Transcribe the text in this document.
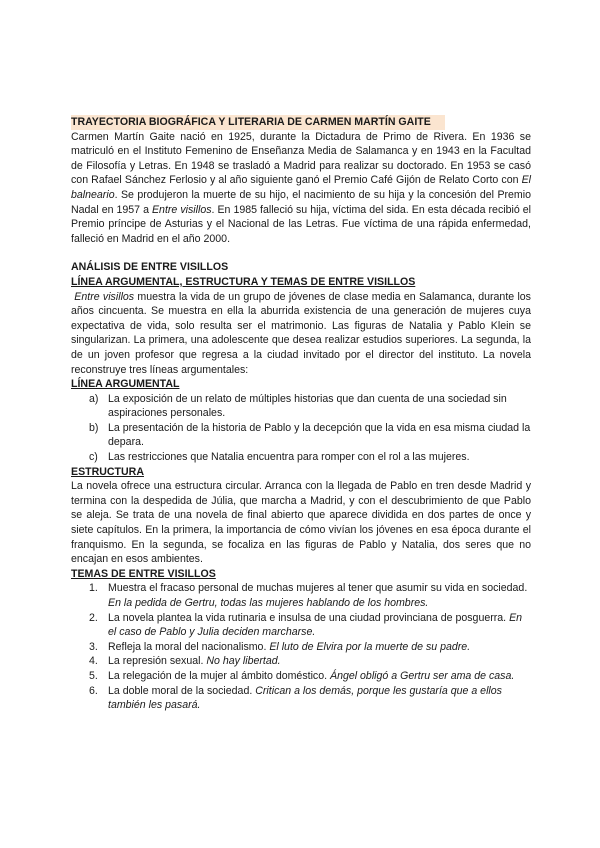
TRAYECTORIA BIOGRÁFICA Y LITERARIA DE CARMEN MARTÍN GAITE

Carmen Martín Gaite nació en 1925, durante la Dictadura de Primo de Rivera. En 1936 se matriculó en el Instituto Femenino de Enseñanza Media de Salamanca y en 1943 en la Facultad de Filosofía y Letras. En 1948 se trasladó a Madrid para realizar su doctorado. En 1953 se casó con Rafael Sánchez Ferlosio y al año siguiente ganó el Premio Café Gijón de Relato Corto con El balneario. Se produjeron la muerte de su hijo, el nacimiento de su hija y la concesión del Premio Nadal en 1957 a Entre visillos. En 1985 falleció su hija, víctima del sida. En esta década recibió el Premio príncipe de Asturias y el Nacional de las Letras. Fue víctima de una rápida enfermedad, falleció en Madrid en el año 2000.

ANÁLISIS DE ENTRE VISILLOS
LÍNEA ARGUMENTAL, ESTRUCTURA Y TEMAS DE ENTRE VISILLOS

Entre visillos muestra la vida de un grupo de jóvenes de clase media en Salamanca, durante los años cincuenta. Se muestra en ella la aburrida existencia de una generación de mujeres cuya expectativa de vida, solo resulta ser el matrimonio. Las figuras de Natalia y Pablo Klein se singularizan. La primera, una adolescente que desea realizar estudios superiores. La segunda, la de un joven profesor que regresa a la ciudad invitado por el director del instituto. La novela reconstruye tres líneas argumentales:

LÍNEA ARGUMENTAL
a) La exposición de un relato de múltiples historias que dan cuenta de una sociedad sin aspiraciones personales.
b) La presentación de la historia de Pablo y la decepción que la vida en esa misma ciudad la depara.
c) Las restricciones que Natalia encuentra para romper con el rol a las mujeres.
ESTRUCTURA

La novela ofrece una estructura circular. Arranca con la llegada de Pablo en tren desde Madrid y termina con la despedida de Júlia, que marcha a Madrid, y con el descubrimiento de que Pablo se aleja. Se trata de una novela de final abierto que aparece dividida en dos partes de once y siete capítulos. En la primera, la importancia de cómo vivían los jóvenes en esa época durante el franquismo. En la segunda, se focaliza en las figuras de Pablo y Natalia, dos seres que no encajan en esos ambientes.

TEMAS DE ENTRE VISILLOS
1. Muestra el fracaso personal de muchas mujeres al tener que asumir su vida en sociedad. En la pedida de Gertru, todas las mujeres hablando de los hombres.
2. La novela plantea la vida rutinaria e insulsa de una ciudad provinciana de posguerra. En el caso de Pablo y Julia deciden marcharse.
3. Refleja la moral del nacionalismo. El luto de Elvira por la muerte de su padre.
4. La represión sexual. No hay libertad.
5. La relegación de la mujer al ámbito doméstico. Ángel obligó a Gertru ser ama de casa.
6. La doble moral de la sociedad. Critican a los demás, porque les gustaría que a ellos también les pasará.
